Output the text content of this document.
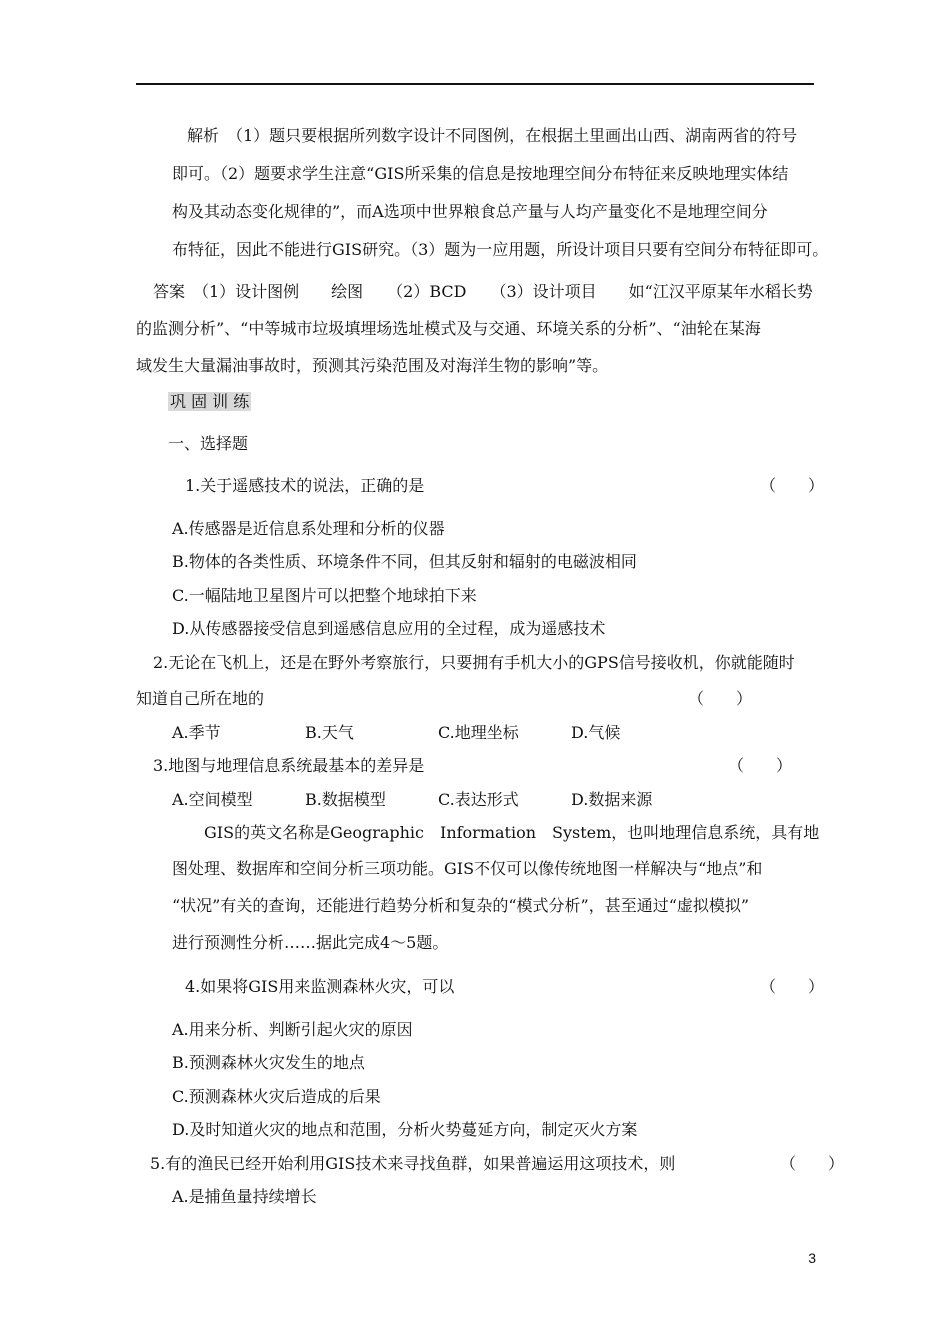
解析　（1）题只要根据所列数字设计不同图例，在根据土里画出山西、湖南两省的符号
即可。（2）题要求学生注意“GIS所采集的信息是按地理空间分布特征来反映地理实体结
构及其动态变化规律的”，而A选项中世界粮食总产量与人均产量变化不是地理空间分
布特征，因此不能进行GIS研究。（3）题为一应用题，所设计项目只要有空间分布特征即可。
答案　（1）设计图例　　绘图　　（2）BCD　　（3）设计项目　　如“江汉平原某年水稻长势
的监测分析”、“中等城市垃圾填埋场选址模式及与交通、环境关系的分析”、“油轮在某海
域发生大量漏油事故时，预测其污染范围及对海洋生物的影响”等。
巩 固 训 练
一、选择题
1.关于遥感技术的说法，正确的是	（　　）
A.传感器是近信息系处理和分析的仪器
B.物体的各类性质、环境条件不同，但其反射和辐射的电磁波相同
C.一幅陆地卫星图片可以把整个地球拍下来
D.从传感器接受信息到遥感信息应用的全过程，成为遥感技术
2.无论在飞机上，还是在野外考察旅行，只要拥有手机大小的GPS信号接收机，你就能随时
知道自己所在地的	（　　）
A.季节	B.天气	C.地理坐标	D.气候
3.地图与地理信息系统最基本的差异是	（　　）
A.空间模型	B.数据模型	C.表达形式	D.数据来源
GIS的英文名称是Geographic　Information　System，也叫地理信息系统，具有地
图处理、数据库和空间分析三项功能。GIS不仅可以像传统地图一样解决与“地点”和
“状况”有关的查询，还能进行趋势分析和复杂的“模式分析”，甚至通过“虚拟模拟”
进行预测性分析……据此完成4～5题。
4.如果将GIS用来监测森林火灾，可以	（　　）
A.用来分析、判断引起火灾的原因
B.预测森林火灾发生的地点
C.预测森林火灾后造成的后果
D.及时知道火灾的地点和范围，分析火势蔓延方向，制定灭火方案
5.有的渔民已经开始利用GIS技术来寻找鱼群，如果普遍运用这项技术，则	（　　）
A.是捕鱼量持续增长
3
